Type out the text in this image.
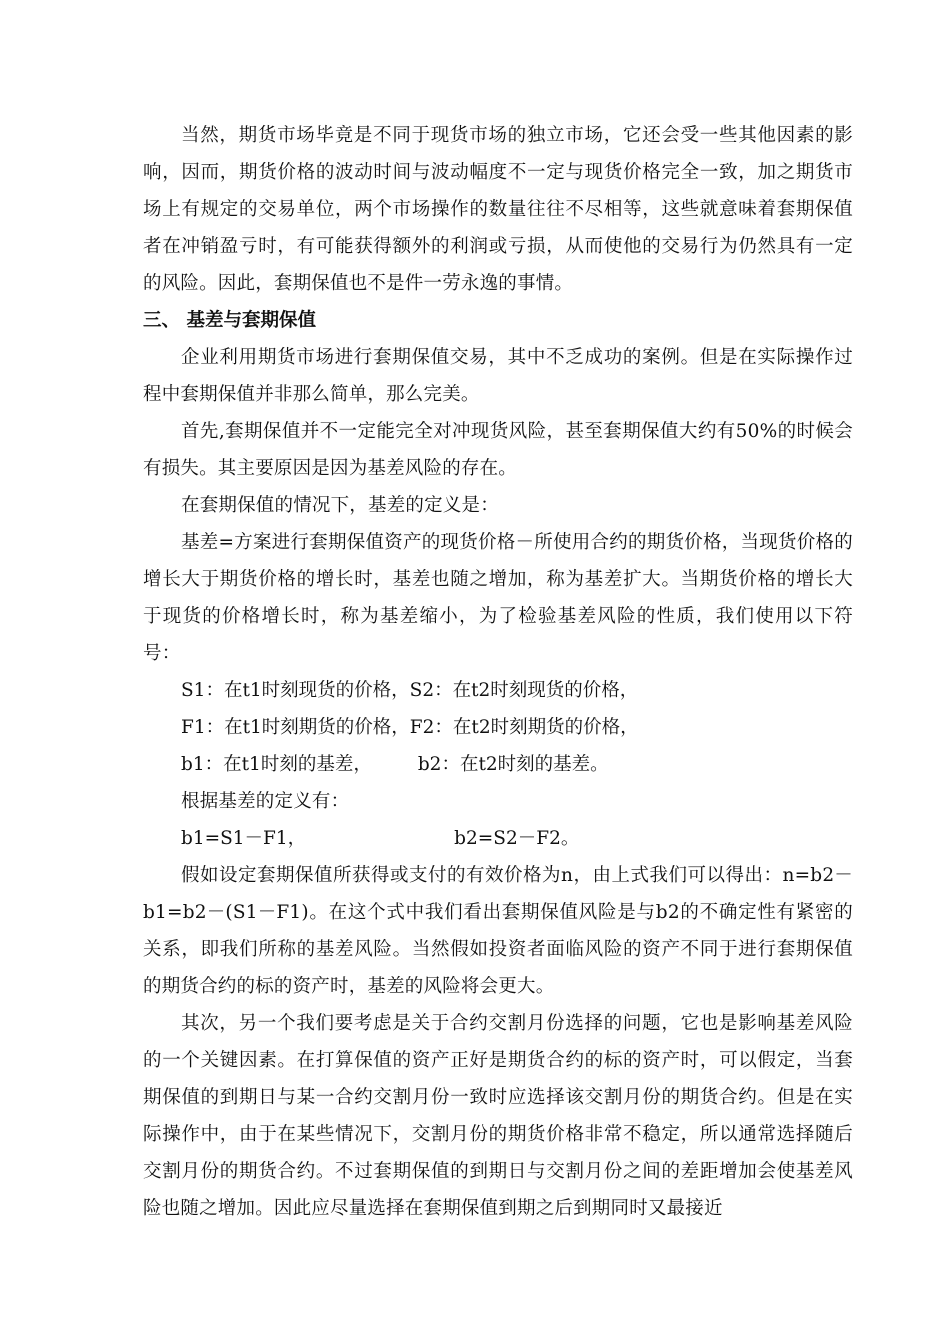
当然，期货市场毕竟是不同于现货市场的独立市场，它还会受一些其他因素的影响，因而，期货价格的波动时间与波动幅度不一定与现货价格完全一致，加之期货市场上有规定的交易单位，两个市场操作的数量往往不尽相等，这些就意味着套期保值者在冲销盈亏时，有可能获得额外的利润或亏损，从而使他的交易行为仍然具有一定的风险。因此，套期保值也不是件一劳永逸的事情。

三、 基差与套期保值

企业利用期货市场进行套期保值交易，其中不乏成功的案例。但是在实际操作过程中套期保值并非那么简单，那么完美。

首先,套期保值并不一定能完全对冲现货风险，甚至套期保值大约有50%的时候会有损失。其主要原因是因为基差风险的存在。

在套期保值的情况下，基差的定义是：

基差=方案进行套期保值资产的现货价格－所使用合约的期货价格，当现货价格的增长大于期货价格的增长时，基差也随之增加，称为基差扩大。当期货价格的增长大于现货的价格增长时，称为基差缩小，为了检验基差风险的性质，我们使用以下符号：

S1：在t1时刻现货的价格，S2：在t2时刻现货的价格，

F1：在t1时刻期货的价格，F2：在t2时刻期货的价格，

b1：在t1时刻的基差， b2：在t2时刻的基差。

根据基差的定义有：

b1=S1－F1，	b2=S2－F2。

假如设定套期保值所获得或支付的有效价格为n，由上式我们可以得出：n=b2－b1=b2－(S1－F1)。在这个式中我们看出套期保值风险是与b2的不确定性有紧密的关系，即我们所称的基差风险。当然假如投资者面临风险的资产不同于进行套期保值的期货合约的标的资产时，基差的风险将会更大。

其次，另一个我们要考虑是关于合约交割月份选择的问题，它也是影响基差风险的一个关键因素。在打算保值的资产正好是期货合约的标的资产时，可以假定，当套期保值的到期日与某一合约交割月份一致时应选择该交割月份的期货合约。但是在实际操作中，由于在某些情况下，交割月份的期货价格非常不稳定，所以通常选择随后交割月份的期货合约。不过套期保值的到期日与交割月份之间的差距增加会使基差风险也随之增加。因此应尽量选择在套期保值到期之后到期同时又最接近
